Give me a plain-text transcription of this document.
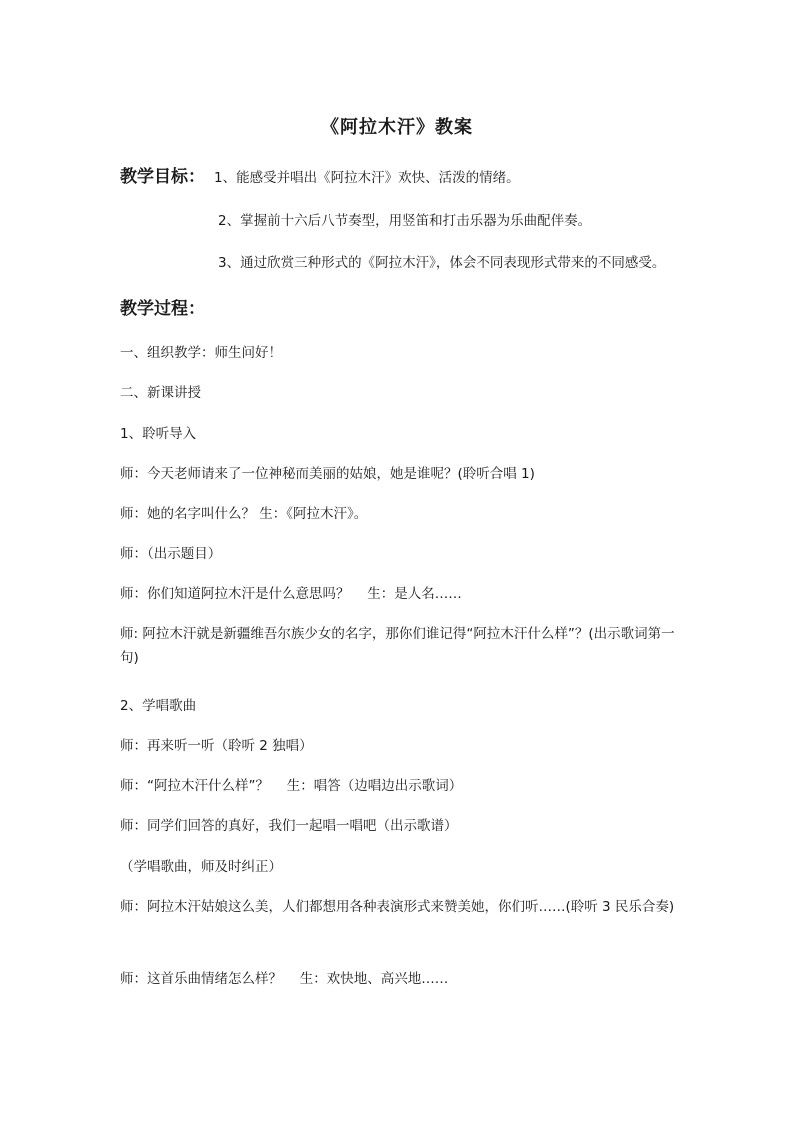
《阿拉木汗》教案
教学目标： 1、能感受并唱出《阿拉木汗》欢快、活泼的情绪。
2、掌握前十六后八节奏型，用竖笛和打击乐器为乐曲配伴奏。
3、通过欣赏三种形式的《阿拉木汗》，体会不同表现形式带来的不同感受。
教学过程：
一、组织教学：师生问好！
二、新课讲授
1、聆听导入
师：今天老师请来了一位神秘而美丽的姑娘，她是谁呢？(聆听合唱 1)
师：她的名字叫什么？ 生：《阿拉木汗》。
师：（出示题目）
师：你们知道阿拉木汗是什么意思吗？　 生：是人名……
师: 阿拉木汗就是新疆维吾尔族少女的名字，那你们谁记得“阿拉木汗什么样”？(出示歌词第一句)
2、学唱歌曲
师：再来听一听（聆听 2 独唱）
师：“阿拉木汗什么样”？　 生：唱答（边唱边出示歌词）
师：同学们回答的真好，我们一起唱一唱吧（出示歌谱）
（学唱歌曲，师及时纠正）
师：阿拉木汗姑娘这么美，人们都想用各种表演形式来赞美她，你们听……(聆听 3 民乐合奏)
师：这首乐曲情绪怎么样？　 生：欢快地、高兴地……
